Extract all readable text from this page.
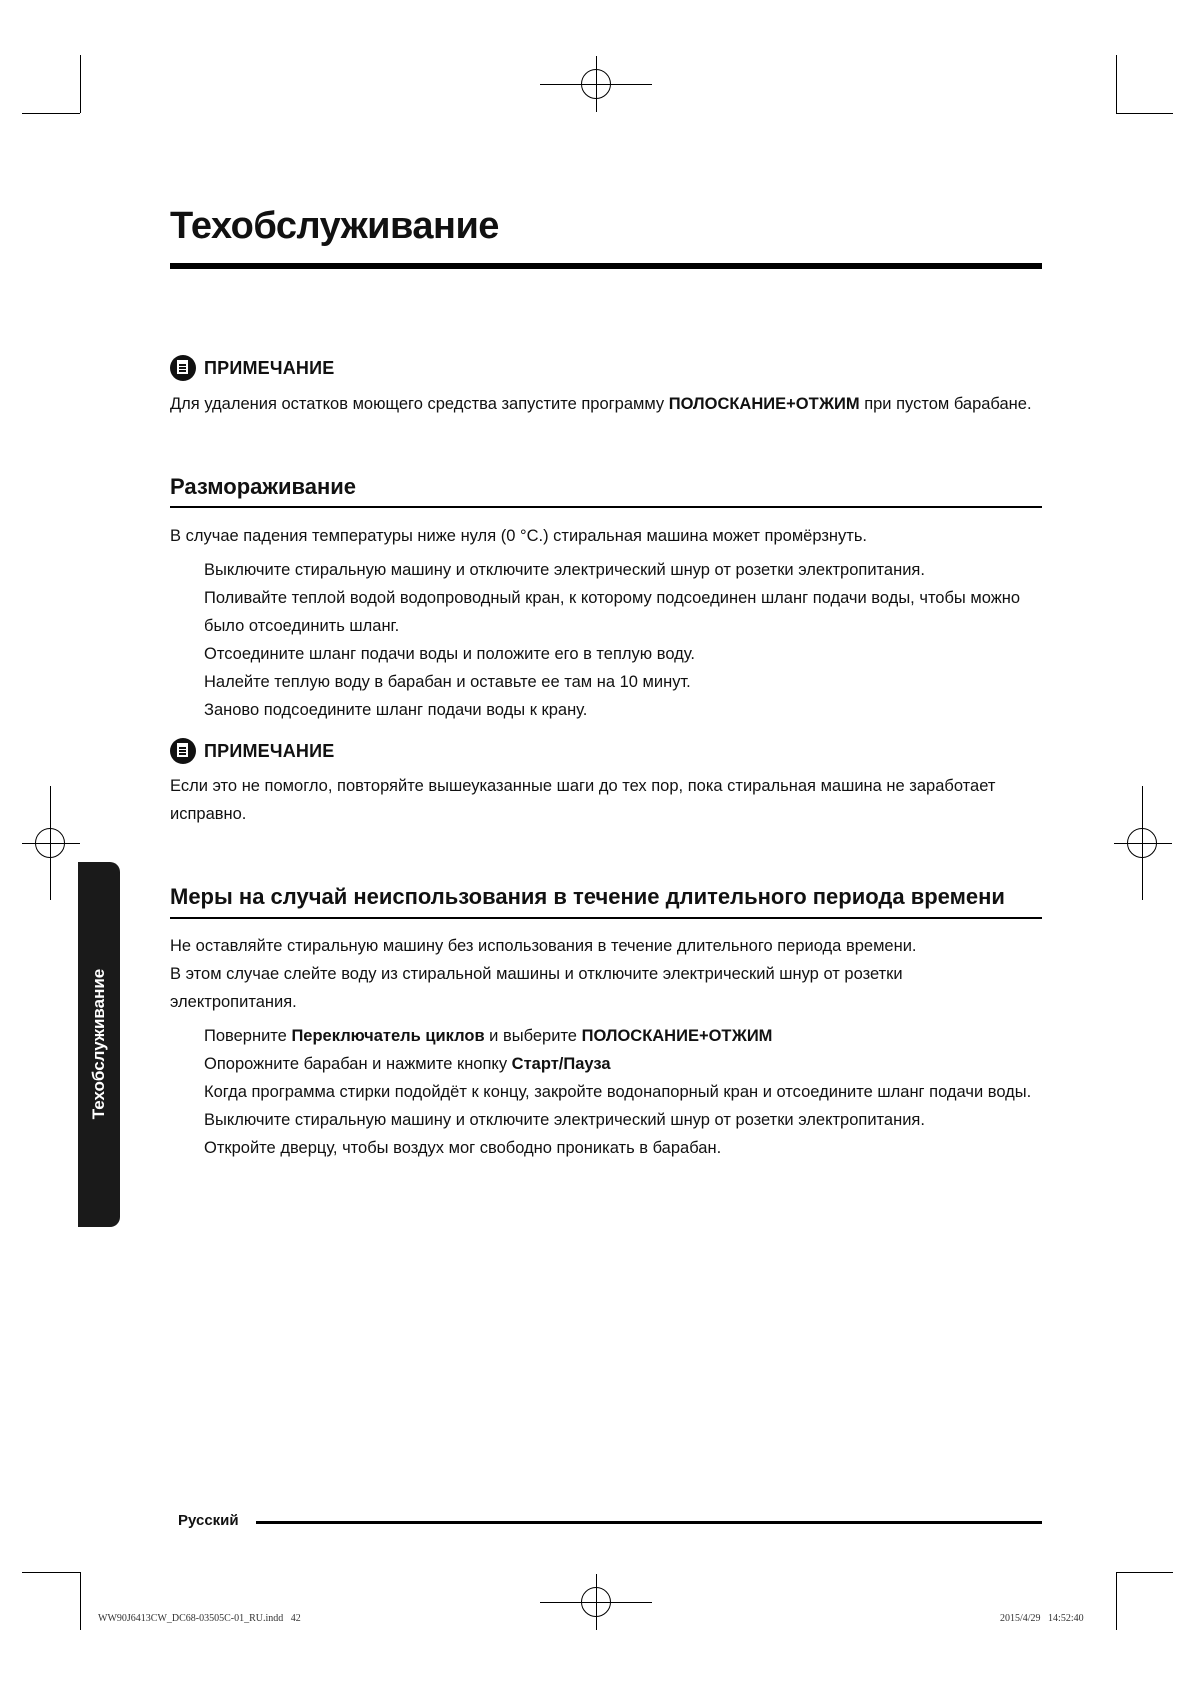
Техобслуживание
ПРИМЕЧАНИЕ
Для удаления остатков моющего средства запустите программу ПОЛОСКАНИЕ+ОТЖИМ при пустом барабане.
Размораживание
В случае падения температуры ниже нуля (0 °C.) стиральная машина может промёрзнуть.
Выключите стиральную машину и отключите электрический шнур от розетки электропитания.
Поливайте теплой водой водопроводный кран, к которому подсоединен шланг подачи воды, чтобы можно было отсоединить шланг.
Отсоедините шланг подачи воды и положите его в теплую воду.
Налейте теплую воду в барабан и оставьте ее там на 10 минут.
Заново подсоедините шланг подачи воды к крану.
ПРИМЕЧАНИЕ
Если это не помогло, повторяйте вышеуказанные шаги до тех пор, пока стиральная машина не заработает исправно.
Меры на случай неиспользования в течение длительного периода времени
Не оставляйте стиральную машину без использования в течение длительного периода времени.
В этом случае слейте воду из стиральной машины и отключите электрический шнур от розетки электропитания.
Поверните Переключатель циклов и выберите ПОЛОСКАНИЕ+ОТЖИМ
Опорожните барабан и нажмите кнопку Старт/Пауза
Когда программа стирки подойдёт к концу, закройте водонапорный кран и отсоедините шланг подачи воды.
Выключите стиральную машину и отключите электрический шнур от розетки электропитания.
Откройте дверцу, чтобы воздух мог свободно проникать в барабан.
Техобслуживание
Русский
WW90J6413CW_DC68-03505C-01_RU.indd   42	2015/4/29   14:52:40
